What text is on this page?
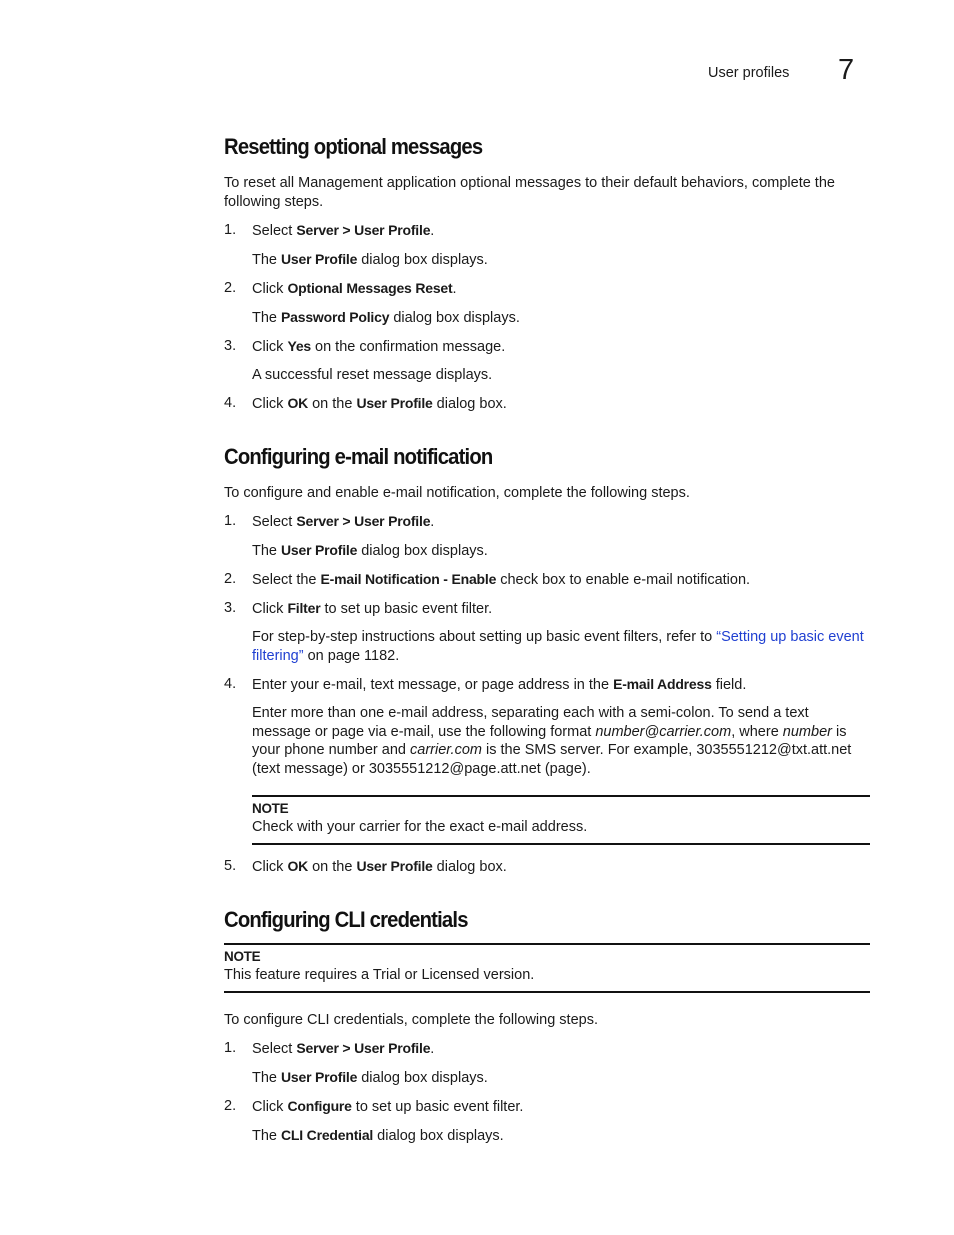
User profiles 7
Resetting optional messages

To reset all Management application optional messages to their default behaviors, complete the following steps.

1.	Select Server > User Profile.

The User Profile dialog box displays.

2.	Click Optional Messages Reset.

The Password Policy dialog box displays.

3.	Click Yes on the confirmation message.

A successful reset message displays.

4.	Click OK on the User Profile dialog box.
Configuring e-mail notification

To configure and enable e-mail notification, complete the following steps.

1.	Select Server > User Profile.

The User Profile dialog box displays.

2.	Select the E-mail Notification - Enable check box to enable e-mail notification.
3.	Click Filter to set up basic event filter.

For step-by-step instructions about setting up basic event filters, refer to “Setting up basic event filtering” on page 1182.

4.	Enter your e-mail, text message, or page address in the E-mail Address field.

Enter more than one e-mail address, separating each with a semi-colon. To send a text message or page via e-mail, use the following format number@carrier.com, where number is your phone number and carrier.com is the SMS server. For example, 3035551212@txt.att.net (text message) or 3035551212@page.att.net (page).

NOTE
Check with your carrier for the exact e-mail address.
5.	Click OK on the User Profile dialog box.
Configuring CLI credentials
NOTE
This feature requires a Trial or Licensed version.

To configure CLI credentials, complete the following steps.

1.	Select Server > User Profile.

The User Profile dialog box displays.

2.	Click Configure to set up basic event filter.

The CLI Credential dialog box displays.
